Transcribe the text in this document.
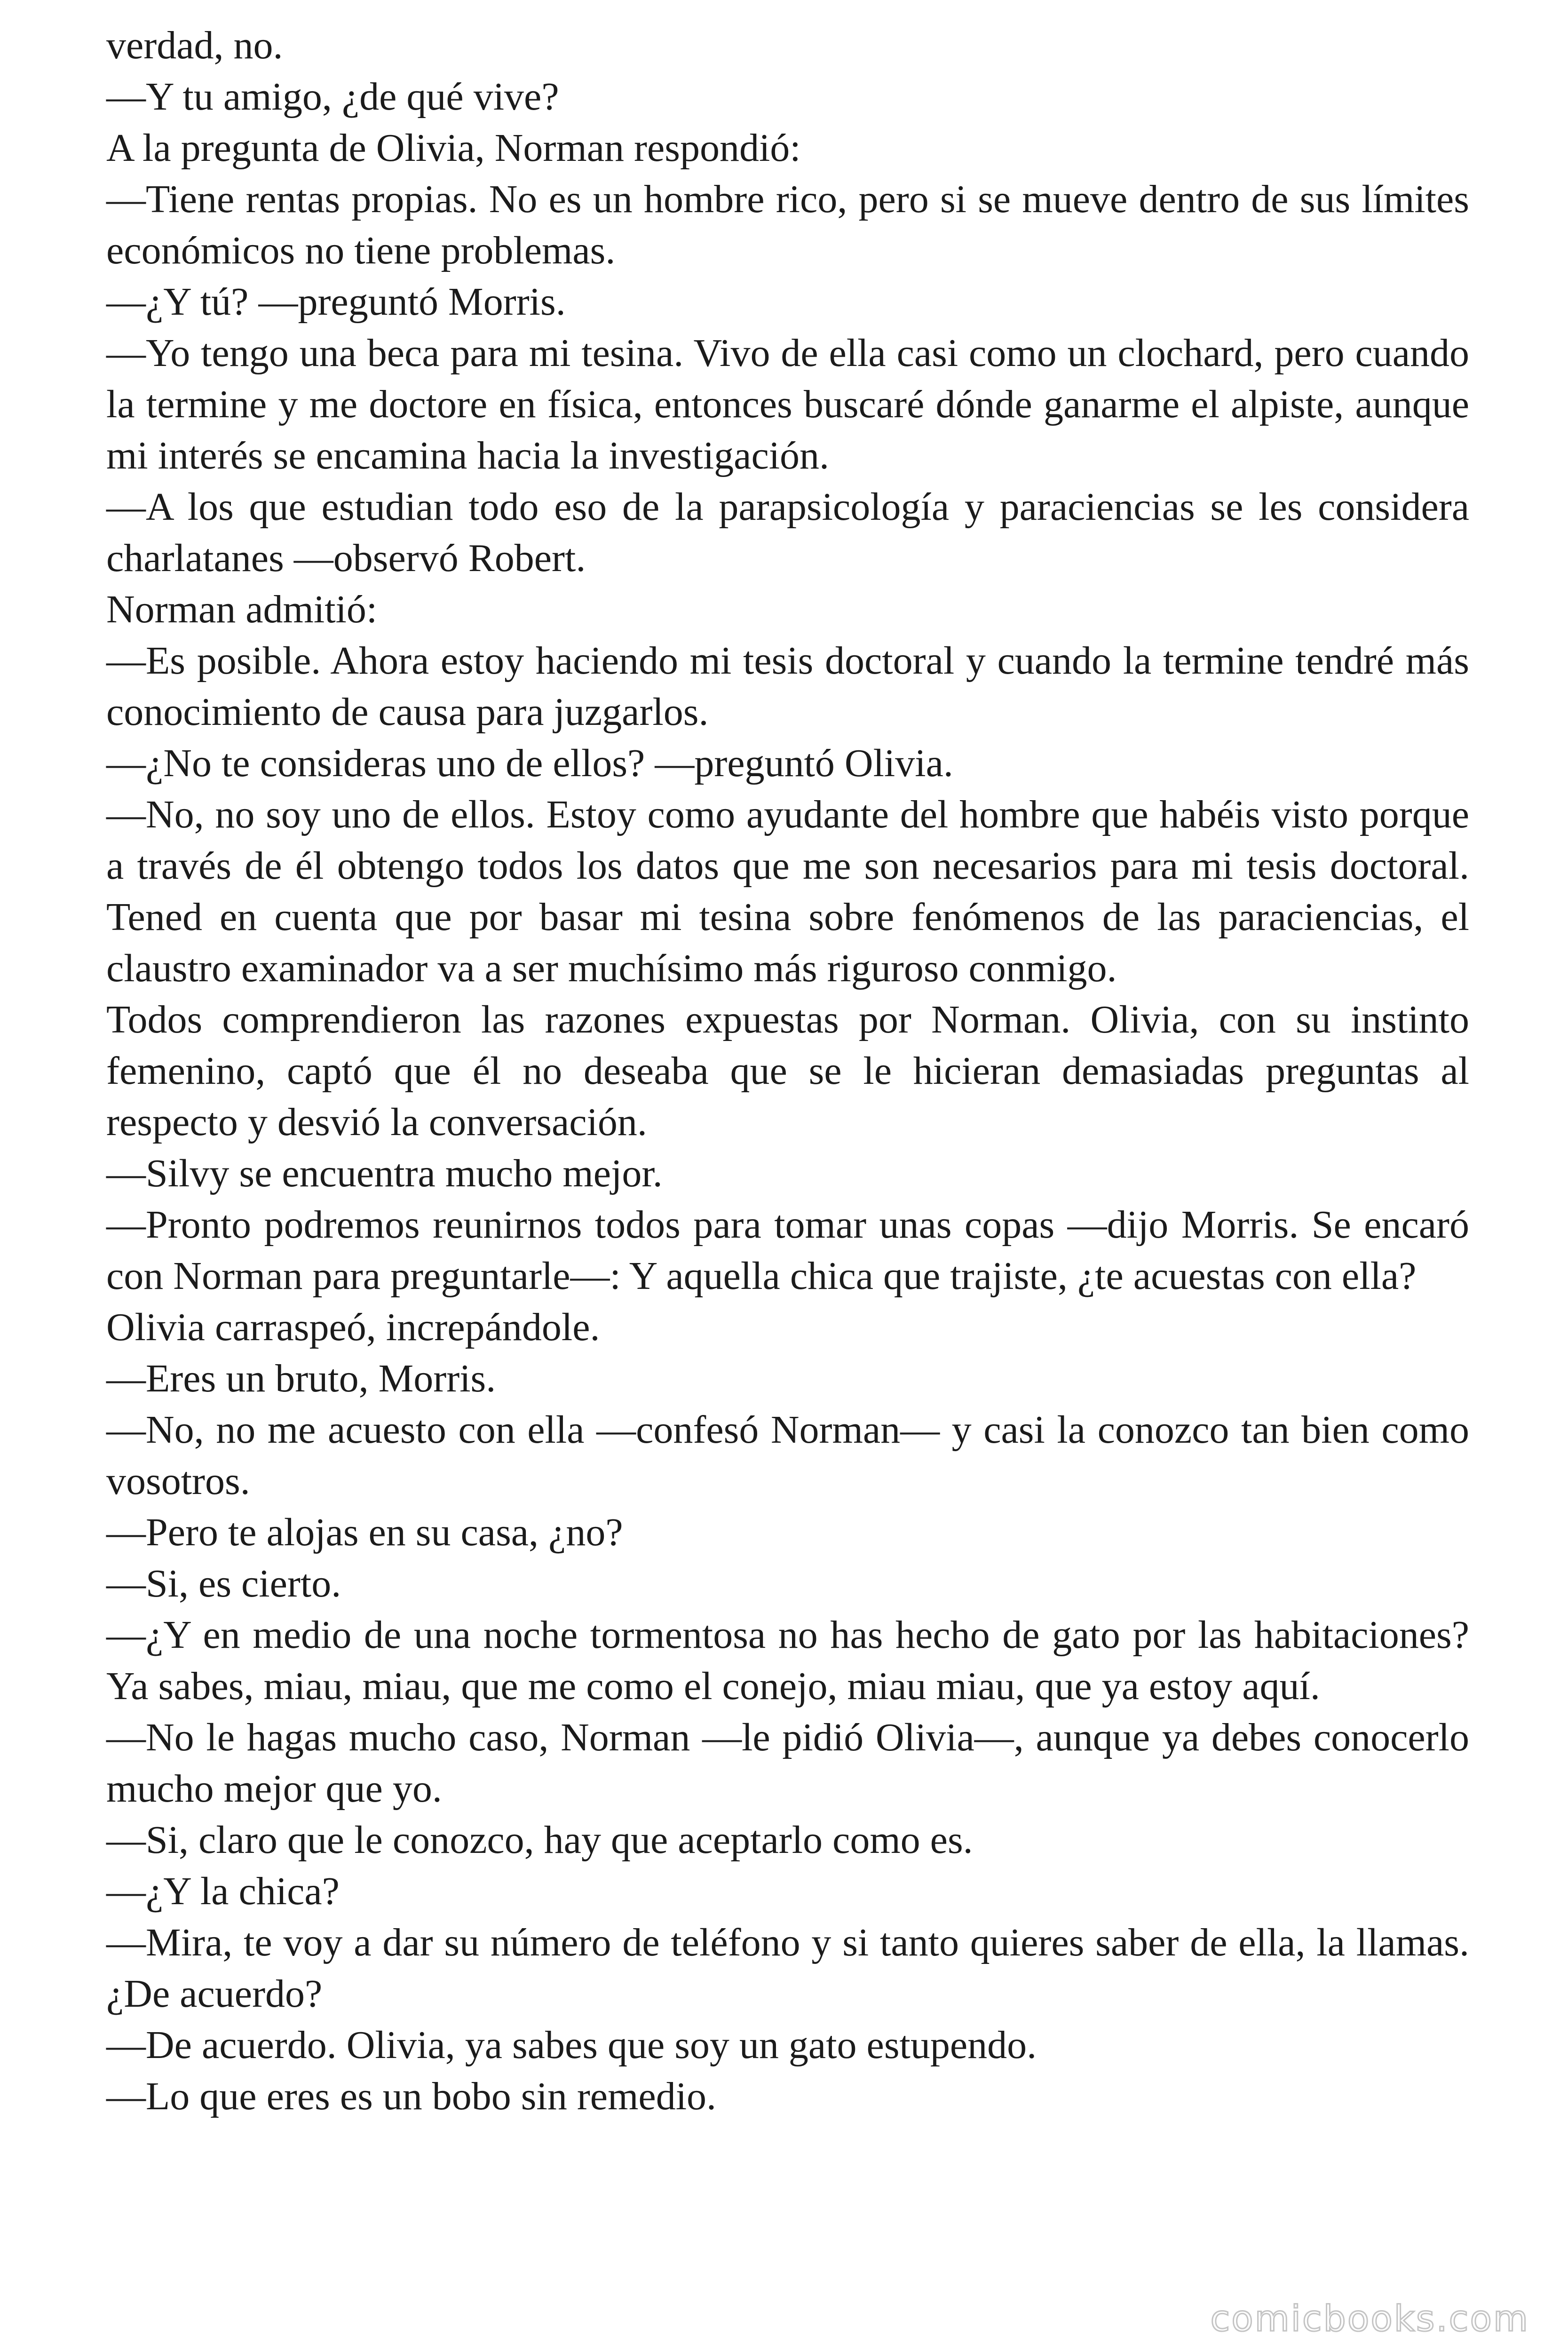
verdad, no.

—Y tu amigo, ¿de qué vive?

A la pregunta de Olivia, Norman respondió:

—Tiene rentas propias. No es un hombre rico, pero si se mueve dentro de sus límites económicos no tiene problemas.

—¿Y tú? —preguntó Morris.

—Yo tengo una beca para mi tesina. Vivo de ella casi como un clochard, pero cuando la termine y me doctore en física, entonces buscaré dónde ganarme el alpiste, aunque mi interés se encamina hacia la investigación.

—A los que estudian todo eso de la parapsicología y paraciencias se les considera charlatanes —observó Robert.

Norman admitió:

—Es posible. Ahora estoy haciendo mi tesis doctoral y cuando la termine tendré más conocimiento de causa para juzgarlos.

—¿No te consideras uno de ellos? —preguntó Olivia.

—No, no soy uno de ellos. Estoy como ayudante del hombre que habéis visto porque a través de él obtengo todos los datos que me son necesarios para mi tesis doctoral. Tened en cuenta que por basar mi tesina sobre fenómenos de las paraciencias, el claustro examinador va a ser muchísimo más riguroso conmigo.

Todos comprendieron las razones expuestas por Norman. Olivia, con su instinto femenino, captó que él no deseaba que se le hicieran demasiadas preguntas al respecto y desvió la conversación.

—Silvy se encuentra mucho mejor.

—Pronto podremos reunirnos todos para tomar unas copas —dijo Morris. Se encaró con Norman para preguntarle—: Y aquella chica que trajiste, ¿te acuestas con ella?

Olivia carraspeó, increpándole.

—Eres un bruto, Morris.

—No, no me acuesto con ella —confesó Norman— y casi la conozco tan bien como vosotros.

—Pero te alojas en su casa, ¿no?

—Si, es cierto.

—¿Y en medio de una noche tormentosa no has hecho de gato por las habitaciones? Ya sabes, miau, miau, que me como el conejo, miau miau, que ya estoy aquí.

—No le hagas mucho caso, Norman —le pidió Olivia—, aunque ya debes conocerlo mucho mejor que yo.

—Si, claro que le conozco, hay que aceptarlo como es.

—¿Y la chica?

—Mira, te voy a dar su número de teléfono y si tanto quieres saber de ella, la llamas. ¿De acuerdo?

—De acuerdo. Olivia, ya sabes que soy un gato estupendo.

—Lo que eres es un bobo sin remedio.

comicbooks.com
